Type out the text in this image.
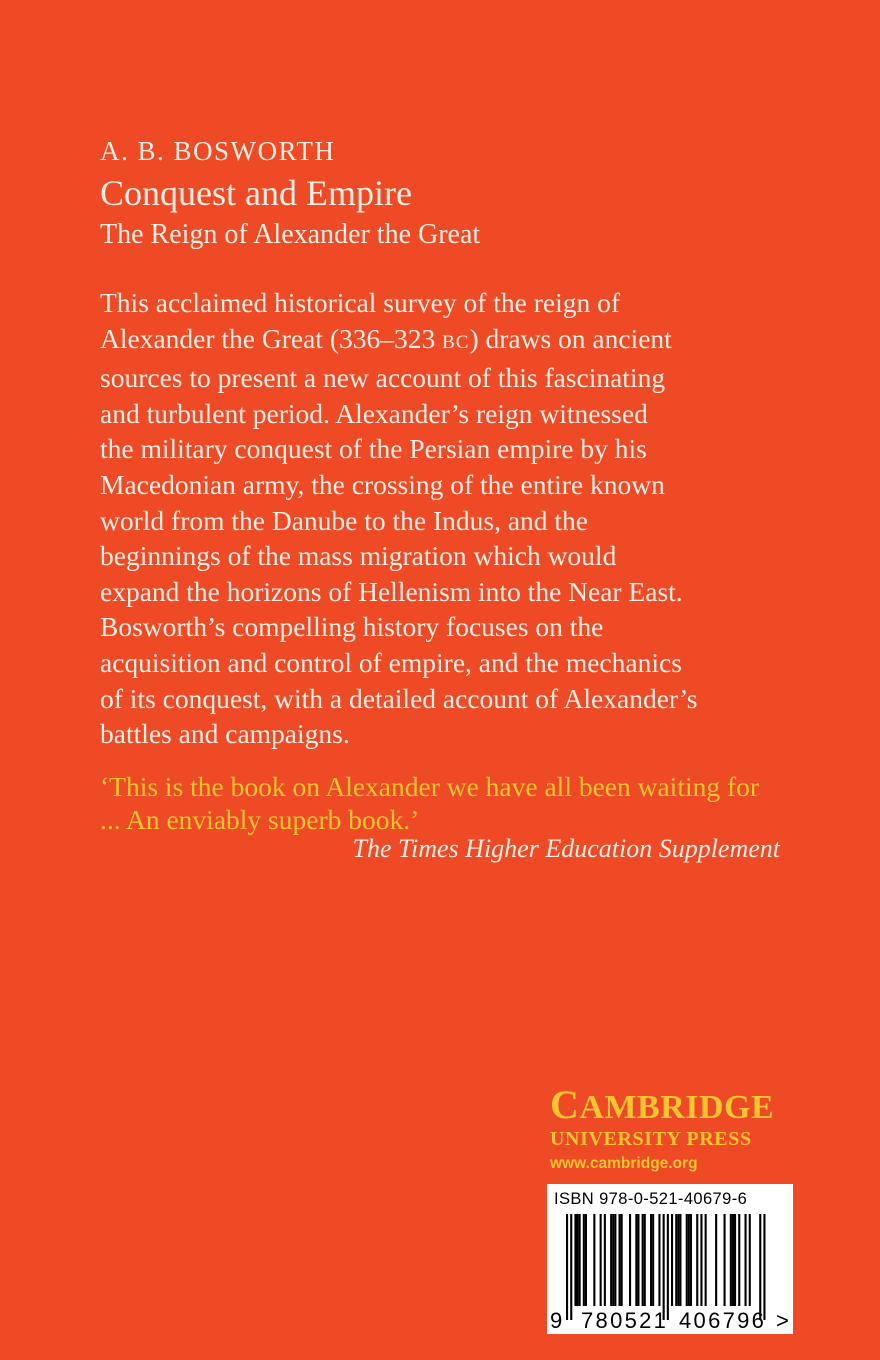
A. B. BOSWORTH
Conquest and Empire
The Reign of Alexander the Great
This acclaimed historical survey of the reign of
Alexander the Great (336–323 BC) draws on ancient
sources to present a new account of this fascinating
and turbulent period. Alexander’s reign witnessed
the military conquest of the Persian empire by his
Macedonian army, the crossing of the entire known
world from the Danube to the Indus, and the
beginnings of the mass migration which would
expand the horizons of Hellenism into the Near East.
Bosworth’s compelling history focuses on the
acquisition and control of empire, and the mechanics
of its conquest, with a detailed account of Alexander’s
battles and campaigns.
‘This is the book on Alexander we have all been waiting for
... An enviably superb book.’
The Times Higher Education Supplement
CAMBRIDGE
UNIVERSITY PRESS
www.cambridge.org
ISBN 978-0-521-40679-6
9 780521 406796 >
